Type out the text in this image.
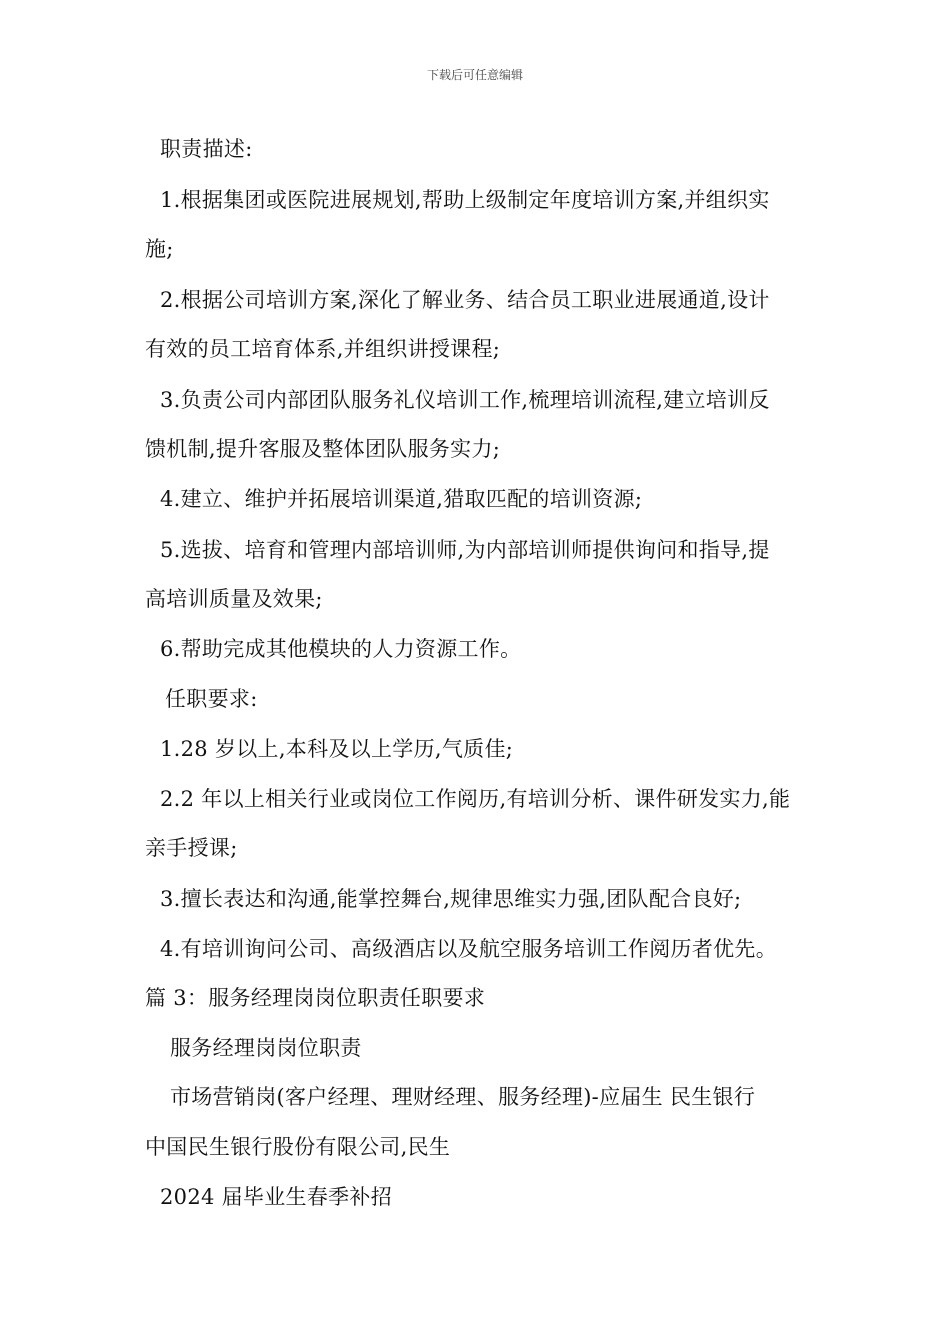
下载后可任意编辑
职责描述:
1.根据集团或医院进展规划,帮助上级制定年度培训方案,并组织实
施;
2.根据公司培训方案,深化了解业务、结合员工职业进展通道,设计
有效的员工培育体系,并组织讲授课程;
3.负责公司内部团队服务礼仪培训工作,梳理培训流程,建立培训反
馈机制,提升客服及整体团队服务实力;
4.建立、维护并拓展培训渠道,猎取匹配的培训资源;
5.选拔、培育和管理内部培训师,为内部培训师提供询问和指导,提
高培训质量及效果;
6.帮助完成其他模块的人力资源工作。
任职要求:
1.28 岁以上,本科及以上学历,气质佳;
2.2 年以上相关行业或岗位工作阅历,有培训分析、课件研发实力,能
亲手授课;
3.擅长表达和沟通,能掌控舞台,规律思维实力强,团队配合良好;
4.有培训询问公司、高级酒店以及航空服务培训工作阅历者优先。
篇 3：服务经理岗岗位职责任职要求
服务经理岗岗位职责
市场营销岗(客户经理、理财经理、服务经理)-应届生 民生银行
中国民生银行股份有限公司,民生
2024 届毕业生春季补招
